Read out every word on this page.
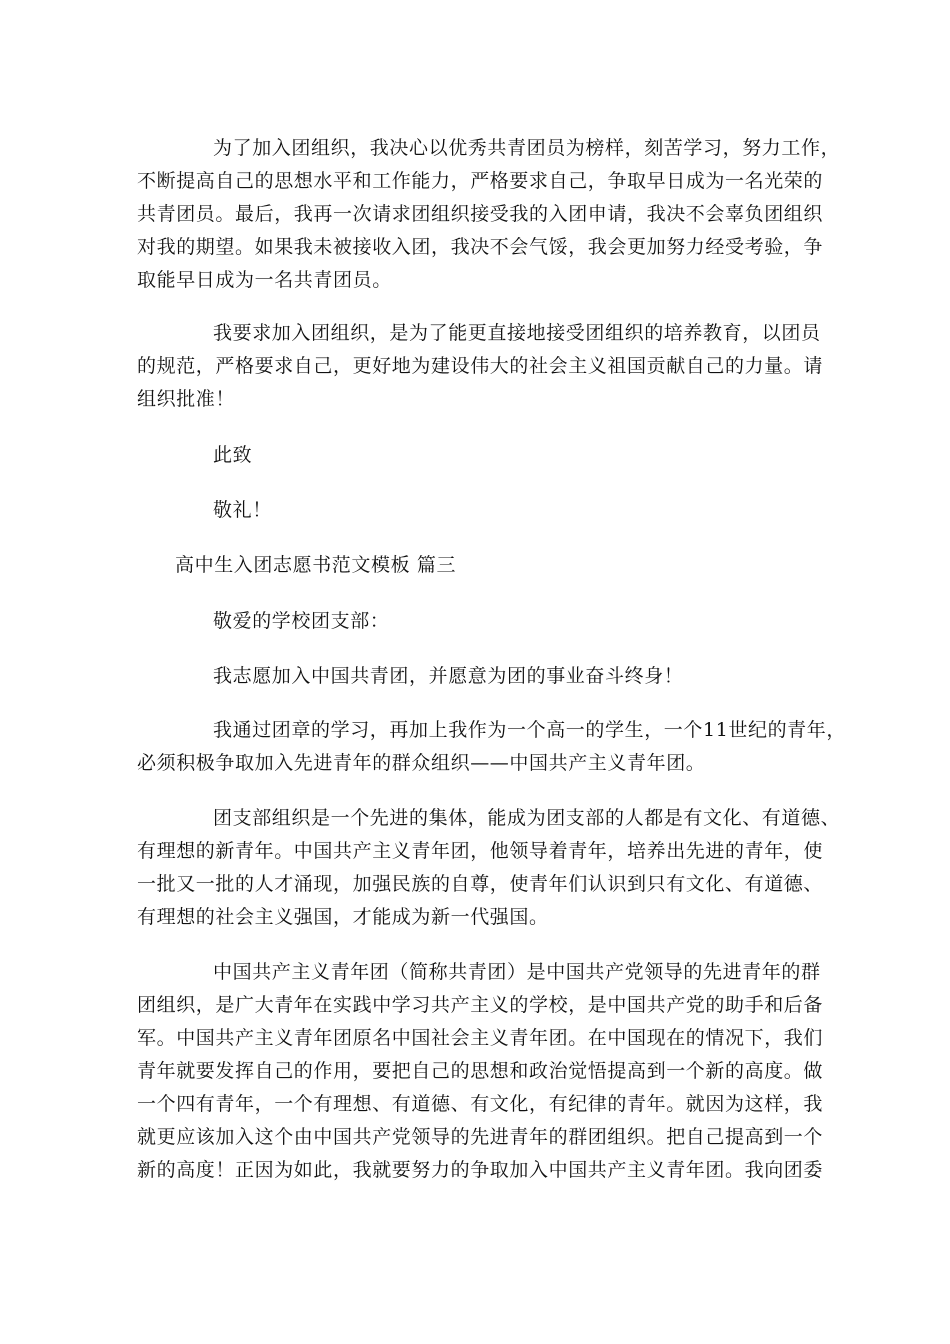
为了加入团组织，我决心以优秀共青团员为榜样，刻苦学习，努力工作，
不断提高自己的思想水平和工作能力，严格要求自己，争取早日成为一名光荣的
共青团员。最后，我再一次请求团组织接受我的入团申请，我决不会辜负团组织
对我的期望。如果我未被接收入团，我决不会气馁，我会更加努力经受考验，争
取能早日成为一名共青团员。
我要求加入团组织，是为了能更直接地接受团组织的培养教育，以团员
的规范，严格要求自己，更好地为建设伟大的社会主义祖国贡献自己的力量。请
组织批准！
此致
敬礼！
高中生入团志愿书范文模板 篇三
敬爱的学校团支部：
我志愿加入中国共青团，并愿意为团的事业奋斗终身！
我通过团章的学习，再加上我作为一个高一的学生，一个11世纪的青年，
必须积极争取加入先进青年的群众组织——中国共产主义青年团。
团支部组织是一个先进的集体，能成为团支部的人都是有文化、有道德、
有理想的新青年。中国共产主义青年团，他领导着青年，培养出先进的青年，使
一批又一批的人才涌现，加强民族的自尊，使青年们认识到只有文化、有道德、
有理想的社会主义强国，才能成为新一代强国。
中国共产主义青年团（简称共青团）是中国共产党领导的先进青年的群
团组织，是广大青年在实践中学习共产主义的学校，是中国共产党的助手和后备
军。中国共产主义青年团原名中国社会主义青年团。在中国现在的情况下，我们
青年就要发挥自己的作用，要把自己的思想和政治觉悟提高到一个新的高度。做
一个四有青年，一个有理想、有道德、有文化，有纪律的青年。就因为这样，我
就更应该加入这个由中国共产党领导的先进青年的群团组织。把自己提高到一个
新的高度！正因为如此，我就要努力的争取加入中国共产主义青年团。我向团委
